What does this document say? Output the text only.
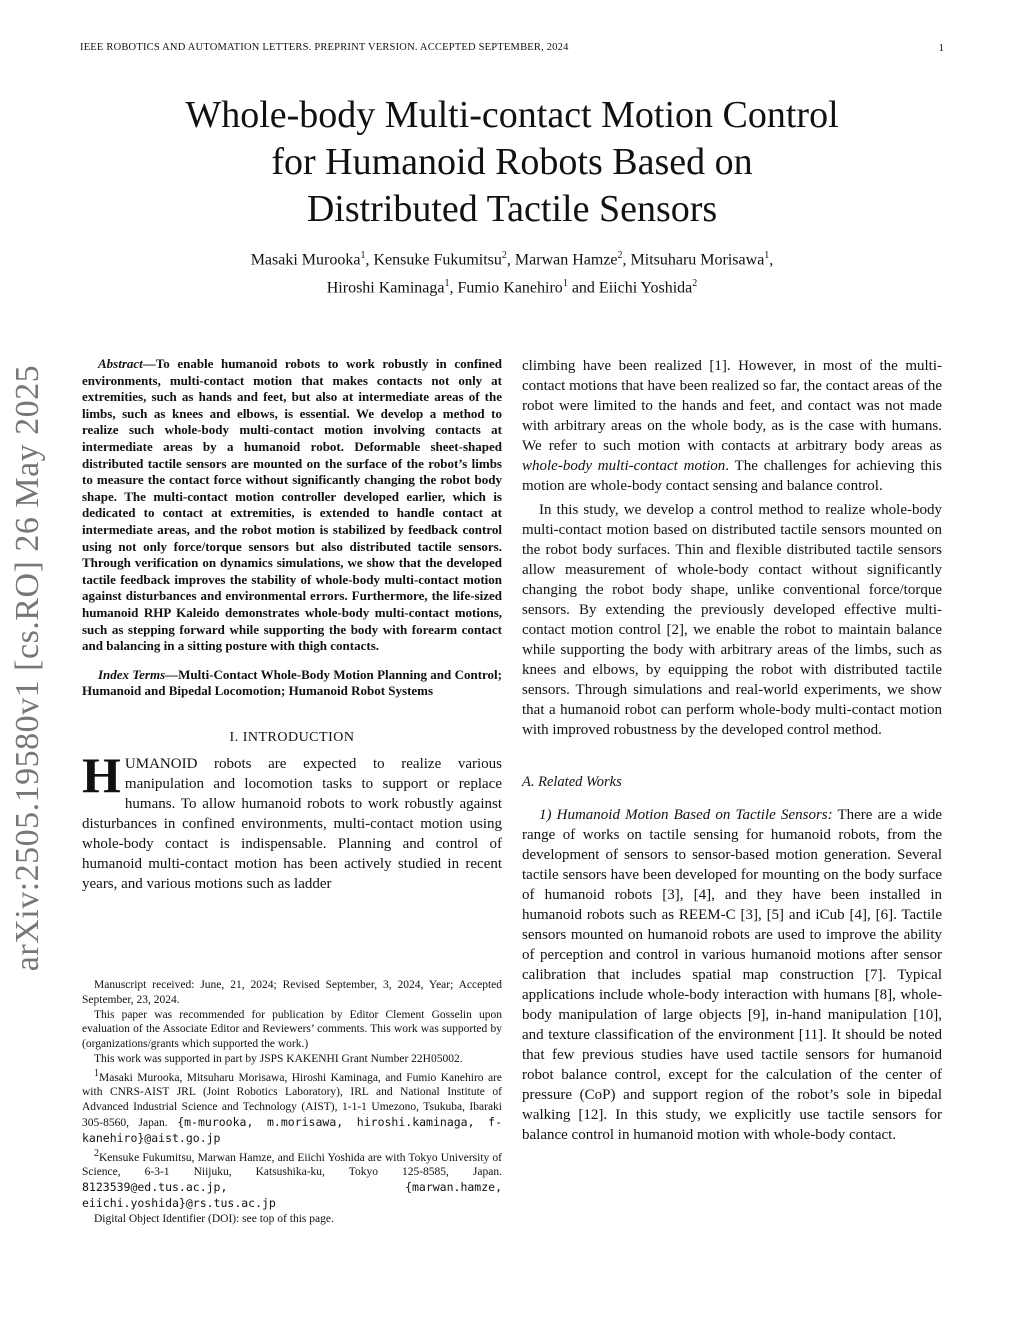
IEEE ROBOTICS AND AUTOMATION LETTERS. PREPRINT VERSION. ACCEPTED SEPTEMBER, 2024	1
arXiv:2505.19580v1 [cs.RO] 26 May 2025
Whole-body Multi-contact Motion Control
for Humanoid Robots Based on
Distributed Tactile Sensors
Masaki Murooka$^1$, Kensuke Fukumitsu$^2$, Marwan Hamze$^2$, Mitsuharu Morisawa$^1$,
Hiroshi Kaminaga$^1$, Fumio Kanehiro$^1$ and Eiichi Yoshida$^2$

Abstract—To enable humanoid robots to work robustly in confined environments, multi-contact motion that makes contacts not only at extremities, such as hands and feet, but also at intermediate areas of the limbs, such as knees and elbows, is essential. We develop a method to realize such whole-body multi-contact motion involving contacts at intermediate areas by a humanoid robot. Deformable sheet-shaped distributed tactile sensors are mounted on the surface of the robot’s limbs to measure the contact force without significantly changing the robot body shape. The multi-contact motion controller developed earlier, which is dedicated to contact at extremities, is extended to handle contact at intermediate areas, and the robot motion is stabilized by feedback control using not only force/torque sensors but also distributed tactile sensors. Through verification on dynamics simulations, we show that the developed tactile feedback improves the stability of whole-body multi-contact motion against disturbances and environmental errors. Furthermore, the life-sized humanoid RHP Kaleido demonstrates whole-body multi-contact motions, such as stepping forward while supporting the body with forearm contact and balancing in a sitting posture with thigh contacts.

Index Terms—Multi-Contact Whole-Body Motion Planning and Control; Humanoid and Bipedal Locomotion; Humanoid Robot Systems

I. INTRODUCTION

HUMANOID robots are expected to realize various manipulation and locomotion tasks to support or replace humans. To allow humanoid robots to work robustly against disturbances in confined environments, multi-contact motion using whole-body contact is indispensable. Planning and control of humanoid multi-contact motion has been actively studied in recent years, and various motions such as ladder

Manuscript received: June, 21, 2024; Revised September, 3, 2024, Year; Accepted September, 23, 2024.

This paper was recommended for publication by Editor Clement Gosselin upon evaluation of the Associate Editor and Reviewers’ comments. This work was supported by (organizations/grants which supported the work.)

This work was supported in part by JSPS KAKENHI Grant Number 22H05002.

$^1$Masaki Murooka, Mitsuharu Morisawa, Hiroshi Kaminaga, and Fumio Kanehiro are with CNRS-AIST JRL (Joint Robotics Laboratory), IRL and National Institute of Advanced Industrial Science and Technology (AIST), 1-1-1 Umezono, Tsukuba, Ibaraki 305-8560, Japan. {m-murooka, m.morisawa, hiroshi.kaminaga, f-kanehiro}@aist.go.jp

$^2$Kensuke Fukumitsu, Marwan Hamze, and Eiichi Yoshida are with Tokyo University of Science, 6-3-1 Niijuku, Katsushika-ku, Tokyo 125-8585, Japan. 8123539@ed.tus.ac.jp, {marwan.hamze, eiichi.yoshida}@rs.tus.ac.jp

Digital Object Identifier (DOI): see top of this page.

climbing have been realized [1]. However, in most of the multi-contact motions that have been realized so far, the contact areas of the robot were limited to the hands and feet, and contact was not made with arbitrary areas on the whole body, as is the case with humans. We refer to such motion with contacts at arbitrary body areas as whole-body multi-contact motion. The challenges for achieving this motion are whole-body contact sensing and balance control.

In this study, we develop a control method to realize whole-body multi-contact motion based on distributed tactile sensors mounted on the robot body surfaces. Thin and flexible distributed tactile sensors allow measurement of whole-body contact without significantly changing the robot body shape, unlike conventional force/torque sensors. By extending the previously developed effective multi-contact motion control [2], we enable the robot to maintain balance while supporting the body with arbitrary areas of the limbs, such as knees and elbows, by equipping the robot with distributed tactile sensors. Through simulations and real-world experiments, we show that a humanoid robot can perform whole-body multi-contact motion with improved robustness by the developed control method.

A. Related Works

1) Humanoid Motion Based on Tactile Sensors: There are a wide range of works on tactile sensing for humanoid robots, from the development of sensors to sensor-based motion generation. Several tactile sensors have been developed for mounting on the body surface of humanoid robots [3], [4], and they have been installed in humanoid robots such as REEM-C [3], [5] and iCub [4], [6]. Tactile sensors mounted on humanoid robots are used to improve the ability of perception and control in various humanoid motions after sensor calibration that includes spatial map construction [7]. Typical applications include whole-body interaction with humans [8], whole-body manipulation of large objects [9], in-hand manipulation [10], and texture classification of the environment [11]. It should be noted that few previous studies have used tactile sensors for humanoid robot balance control, except for the calculation of the center of pressure (CoP) and support region of the robot’s sole in bipedal walking [12]. In this study, we explicitly use tactile sensors for balance control in humanoid motion with whole-body contact.
